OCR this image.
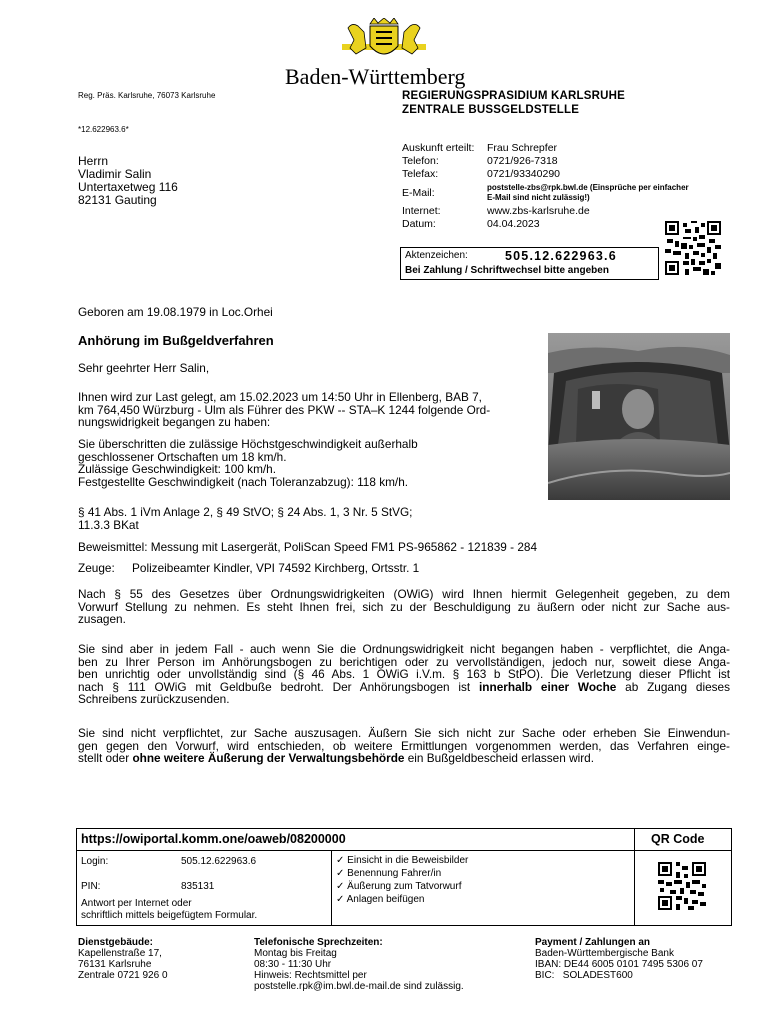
Baden-Württemberg
Reg. Präs. Karlsruhe, 76073 Karlsruhe	REGIERUNGSPRASIDIUM KARLSRUHE
ZENTRALE BUSSGELDSTELLE
*12.622963.6*
Herrn
Vladimir Salin
Untertaxetweg 116
82131 Gauting
Auskunft erteilt:	Frau Schrepfer
Telefon:	0721/926-7318
Telefax:	0721/93340290
E-Mail:	poststelle-zbs@rpk.bwl.de (Einsprüche per einfacher E-Mail sind nicht zulässig!)
Internet:	www.zbs-karlsruhe.de
Datum:	04.04.2023
Aktenzeichen:	505.12.622963.6
Bei Zahlung / Schriftwechsel bitte angeben
Geboren am 19.08.1979 in Loc.Orhei
Anhörung im Bußgeldverfahren
Sehr geehrter Herr Salin,
Ihnen wird zur Last gelegt, am 15.02.2023 um 14:50 Uhr in Ellenberg, BAB 7,
km 764,450 Würzburg - Ulm als Führer des PKW -- STA–K 1244 folgende Ord-
nungswidrigkeit begangen zu haben:
Sie überschritten die zulässige Höchstgeschwindigkeit außerhalb
geschlossener Ortschaften um 18 km/h.
Zulässige Geschwindigkeit: 100 km/h.
Festgestellte Geschwindigkeit (nach Toleranzabzug): 118 km/h.
§ 41 Abs. 1 iVm Anlage 2, § 49 StVO; § 24 Abs. 1, 3 Nr. 5 StVG;
11.3.3 BKat
Beweismittel: Messung mit Lasergerät, PoliScan Speed FM1 PS-965862 - 121839 - 284
Zeuge: Polizeibeamter Kindler, VPI 74592 Kirchberg, Ortsstr. 1
Nach § 55 des Gesetzes über Ordnungswidrigkeiten (OWiG) wird Ihnen hiermit Gelegenheit gegeben, zu dem
Vorwurf Stellung zu nehmen. Es steht Ihnen frei, sich zu der Beschuldigung zu äußern oder nicht zur Sache aus-
zusagen.
Sie sind aber in jedem Fall - auch wenn Sie die Ordnungswidrigkeit nicht begangen haben - verpflichtet, die Anga-
ben zu Ihrer Person im Anhörungsbogen zu berichtigen oder zu vervollständigen, jedoch nur, soweit diese Anga-
ben unrichtig oder unvollständig sind (§ 46 Abs. 1 OWiG i.V.m. § 163 b StPO). Die Verletzung dieser Pflicht ist
nach § 111 OWiG mit Geldbuße bedroht. Der Anhörungsbogen ist innerhalb einer Woche ab Zugang dieses
Schreibens zurückzusenden.
Sie sind nicht verpflichtet, zur Sache auszusagen. Äußern Sie sich nicht zur Sache oder erheben Sie Einwendun-
gen gegen den Vorwurf, wird entschieden, ob weitere Ermittlungen vorgenommen werden, das Verfahren einge-
stellt oder ohne weitere Äußerung der Verwaltungsbehörde ein Bußgeldbescheid erlassen wird.
https://owiportal.komm.one/oaweb/08200000	QR Code
Login:	505.12.622963.6
PIN:	835131
Antwort per Internet oder
schriftlich mittels beigefügtem Formular.
✓ Einsicht in die Beweisbilder
✓ Benennung Fahrer/in
✓ Äußerung zum Tatvorwurf
✓ Anlagen beifügen
Dienstgebäude:
Kapellenstraße 17,
76131 Karlsruhe
Zentrale 0721 926 0
Telefonische Sprechzeiten:
Montag bis Freitag
08:30 - 11:30 Uhr
Hinweis: Rechtsmittel per
poststelle.rpk@im.bwl.de-mail.de sind zulässig.
Payment / Zahlungen an
Baden-Württembergische Bank
IBAN: DE44 6005 0101 7495 5306 07
BIC:   SOLADEST600
